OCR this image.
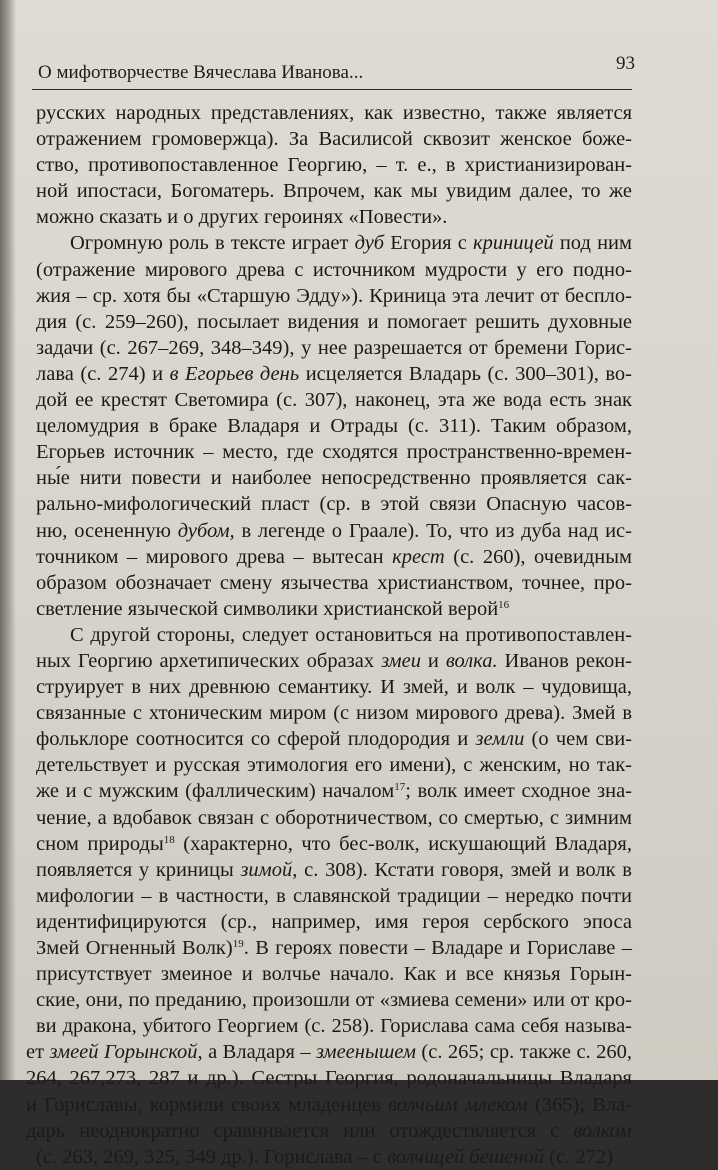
О мифотворчестве Вячеслава Иванова...	93
русских народных представлениях, как известно, также является
отражением громовержца). За Василисой сквозит женское боже-
ство, противопоставленное Георгию, – т. е., в христианизирован-
ной ипостаси, Богоматерь. Впрочем, как мы увидим далее, то же
можно сказать и о других героинях «Повести».
Огромную роль в тексте играет дуб Егория с криницей под ним
(отражение мирового древа с источником мудрости у его подно-
жия – ср. хотя бы «Старшую Эдду»). Криница эта лечит от бесплo-
дия (с. 259–260), посылает видения и помогает решить духовные
задачи (с. 267–269, 348–349), у нее разрешается от бремени Горис-
лава (с. 274) и в Егорьев день исцеляется Владарь (с. 300–301), во-
дой ее крестят Светомира (с. 307), наконец, эта же вода есть знак
целомудрия в браке Владаря и Отрады (с. 311). Таким образом,
Егорьев источник – место, где сходятся пространственно-времен-
ны́е нити повести и наиболее непосредственно проявляется сак-
рально-мифологический пласт (ср. в этой связи Опасную часов-
ню, осененную дубом, в легенде о Граале). То, что из дуба над ис-
точником – мирового древа – вытесан крест (с. 260), очевидным
образом обозначает смену язычества христианством, точнее, про-
светление языческой символики христианской верой$^{16}$
С другой стороны, следует остановиться на противопоставлен-
ных Георгию архетипических образах змеи и волка. Иванов рекон-
струирует в них древнюю семантику. И змей, и волк – чудовища,
связанные с хтоническим миром (с низом мирового древа). Змей в
фольклоре соотносится со сферой плодородия и земли (о чем сви-
детельствует и русская этимология его имени), с женским, но так-
же и с мужским (фаллическим) началом$^{17}$; волк имеет сходное зна-
чение, а вдобавок связан с оборотничеством, со смертью, с зимним
сном природы$^{18}$ (характерно, что бес-волк, искушающий Владаря,
появляется у криницы зимой, с. 308). Кстати говоря, змей и волк в
мифологии – в частности, в славянской традиции – нередко почти
идентифицируются (ср., например, имя героя сербского эпоса
Змей Огненный Волк)$^{19}$. В героях повести – Владаре и Гориславе –
присутствует змеиное и волчье начало. Как и все князья Горын-
ские, они, по преданию, произошли от «змиева семени» или от кро-
ви дракона, убитого Георгием (с. 258). Горислава сама себя называ-
ет змеей Горынской, а Владаря – змеенышем (с. 265; ср. также с. 260,
264, 267,273, 287 и др.). Сестры Георгия, родоначальницы Владаря
и Гориславы, кормили своих младенцев волчьим млеком (365); Вла-
дарь неоднократно сравнивается или отождествляется с волком
(с. 263, 269, 325, 349 др.). Горислава – с волчицей бешеной (с. 272)
